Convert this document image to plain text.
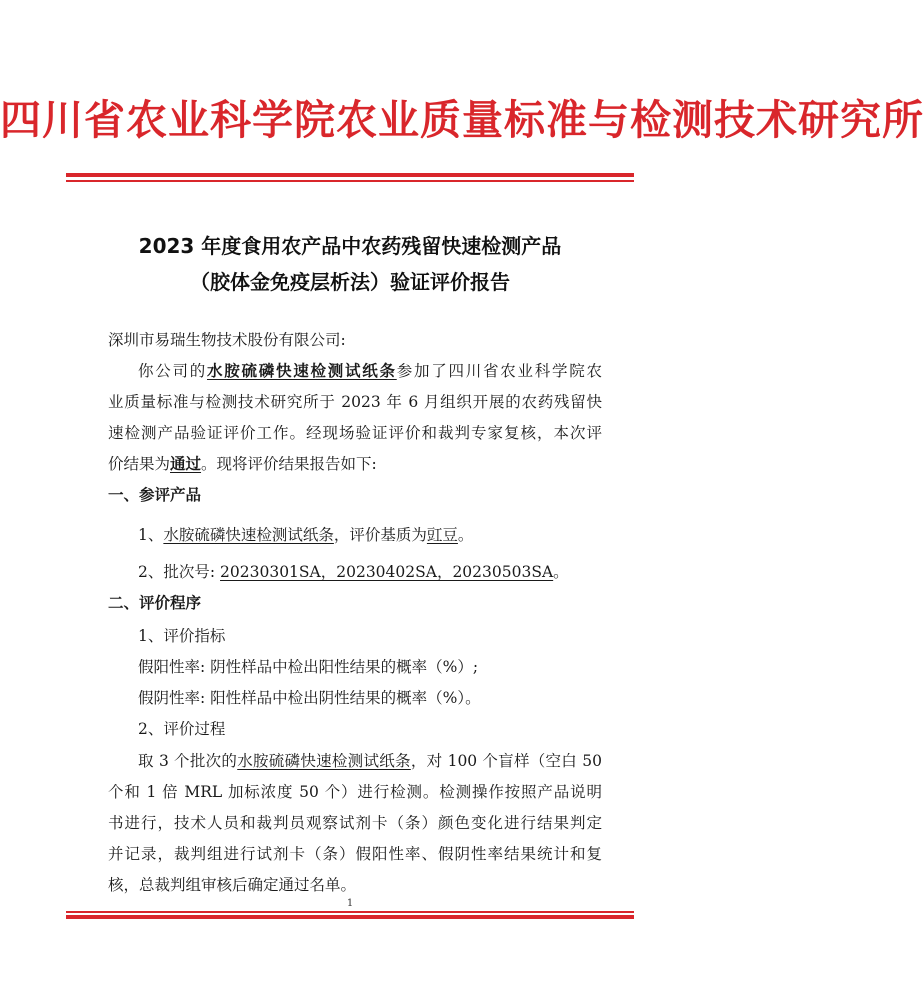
四川省农业科学院农业质量标准与检测技术研究所
2023 年度食用农产品中农药残留快速检测产品
（胶体金免疫层析法）验证评价报告
深圳市易瑞生物技术股份有限公司:
你公司的水胺硫磷快速检测试纸条参加了四川省农业科学院农
业质量标准与检测技术研究所于 2023 年 6 月组织开展的农药残留快
速检测产品验证评价工作。经现场验证评价和裁判专家复核，本次评
价结果为通过。现将评价结果报告如下:
一、参评产品
1、水胺硫磷快速检测试纸条，评价基质为豇豆。
2、批次号: 20230301SA，20230402SA，20230503SA。
二、评价程序
1、评价指标
假阳性率: 阴性样品中检出阳性结果的概率（%）;
假阴性率: 阳性样品中检出阴性结果的概率（%）。
2、评价过程
取 3 个批次的水胺硫磷快速检测试纸条，对 100 个盲样（空白 50
个和 1 倍 MRL 加标浓度 50 个）进行检测。检测操作按照产品说明
书进行，技术人员和裁判员观察试剂卡（条）颜色变化进行结果判定
并记录，裁判组进行试剂卡（条）假阳性率、假阴性率结果统计和复
核，总裁判组审核后确定通过名单。
1
